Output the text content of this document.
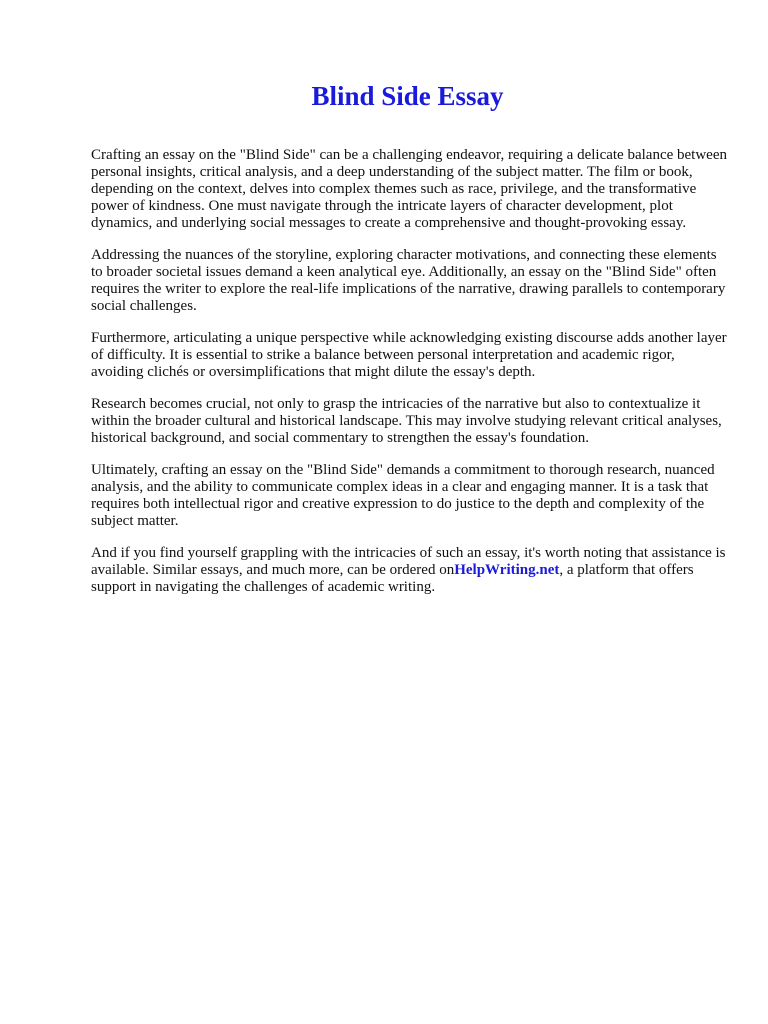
Blind Side Essay

Crafting an essay on the "Blind Side" can be a challenging endeavor, requiring a delicate balance between personal insights, critical analysis, and a deep understanding of the subject matter. The film or book, depending on the context, delves into complex themes such as race, privilege, and the transformative power of kindness. One must navigate through the intricate layers of character development, plot dynamics, and underlying social messages to create a comprehensive and thought-provoking essay.

Addressing the nuances of the storyline, exploring character motivations, and connecting these elements to broader societal issues demand a keen analytical eye. Additionally, an essay on the "Blind Side" often requires the writer to explore the real-life implications of the narrative, drawing parallels to contemporary social challenges.

Furthermore, articulating a unique perspective while acknowledging existing discourse adds another layer of difficulty. It is essential to strike a balance between personal interpretation and academic rigor, avoiding clichés or oversimplifications that might dilute the essay's depth.

Research becomes crucial, not only to grasp the intricacies of the narrative but also to contextualize it within the broader cultural and historical landscape. This may involve studying relevant critical analyses, historical background, and social commentary to strengthen the essay's foundation.

Ultimately, crafting an essay on the "Blind Side" demands a commitment to thorough research, nuanced analysis, and the ability to communicate complex ideas in a clear and engaging manner. It is a task that requires both intellectual rigor and creative expression to do justice to the depth and complexity of the subject matter.

And if you find yourself grappling with the intricacies of such an essay, it's worth noting that assistance is available. Similar essays, and much more, can be ordered onHelpWriting.net, a platform that offers support in navigating the challenges of academic writing.
